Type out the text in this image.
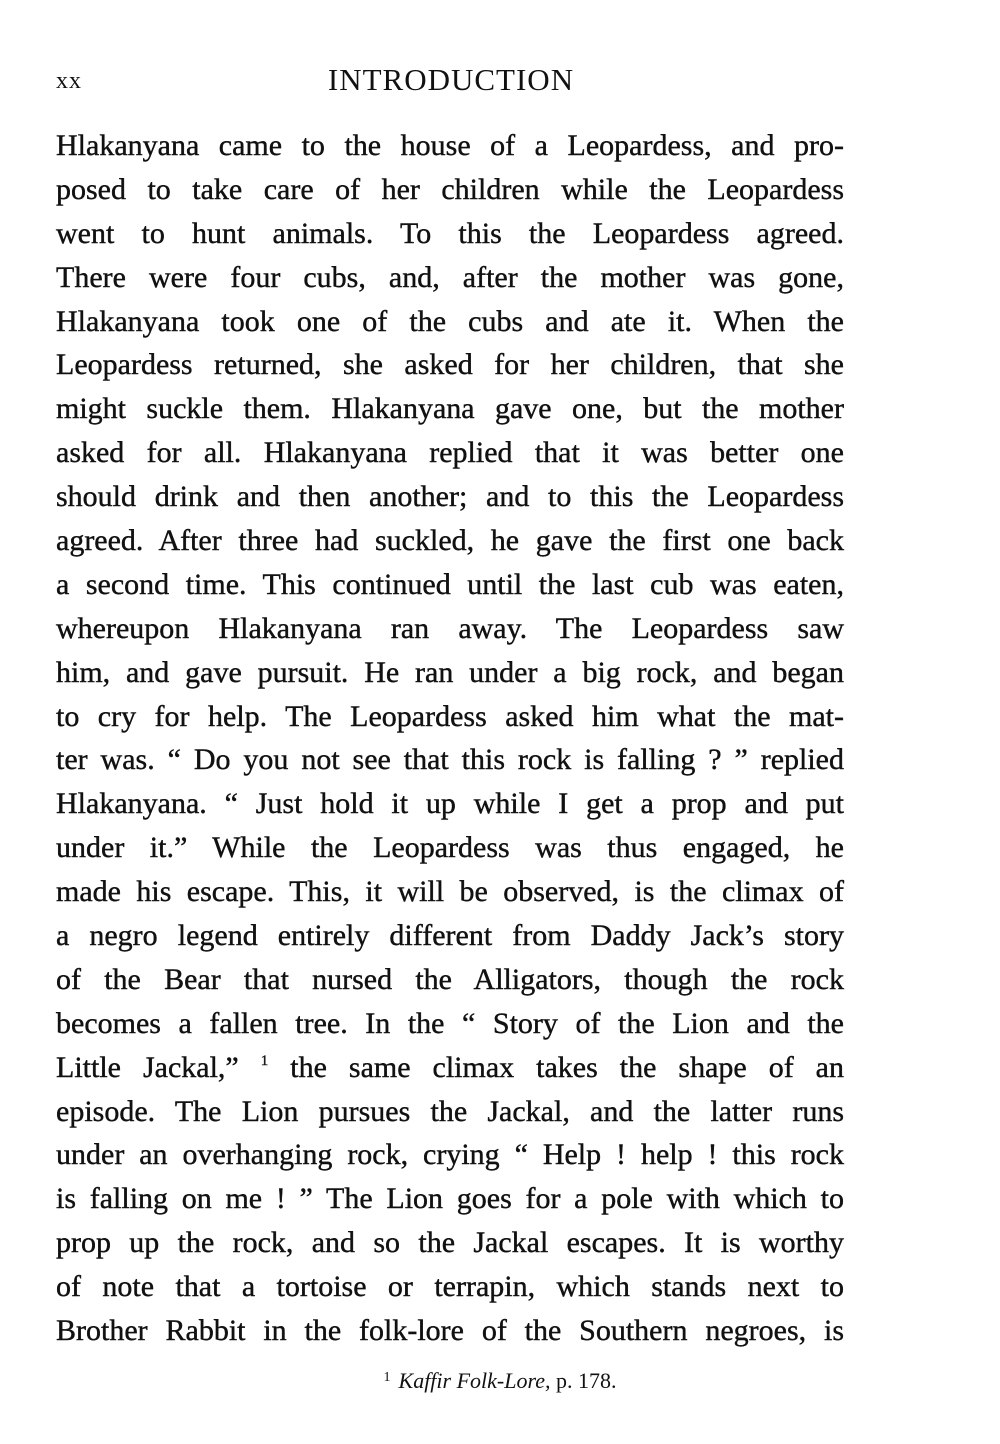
xx	INTRODUCTION
Hlakanyana came to the house of a Leopardess, and pro-
posed to take care of her children while the Leopardess
went to hunt animals. To this the Leopardess agreed.
There were four cubs, and, after the mother was gone,
Hlakanyana took one of the cubs and ate it. When the
Leopardess returned, she asked for her children, that she
might suckle them. Hlakanyana gave one, but the mother
asked for all. Hlakanyana replied that it was better one
should drink and then another; and to this the Leopardess
agreed. After three had suckled, he gave the first one back
a second time. This continued until the last cub was eaten,
whereupon Hlakanyana ran away. The Leopardess saw
him, and gave pursuit. He ran under a big rock, and began
to cry for help. The Leopardess asked him what the mat-
ter was. “ Do you not see that this rock is falling ? ” replied
Hlakanyana. “ Just hold it up while I get a prop and put
under it.” While the Leopardess was thus engaged, he
made his escape. This, it will be observed, is the climax of
a negro legend entirely different from Daddy Jack’s story
of the Bear that nursed the Alligators, though the rock
becomes a fallen tree. In the “ Story of the Lion and the
Little Jackal,” $^1$ the same climax takes the shape of an
episode. The Lion pursues the Jackal, and the latter runs
under an overhanging rock, crying “ Help ! help ! this rock
is falling on me ! ” The Lion goes for a pole with which to
prop up the rock, and so the Jackal escapes. It is worthy
of note that a tortoise or terrapin, which stands next to
Brother Rabbit in the folk-lore of the Southern negroes, is
$^1$ Kaffir Folk-Lore, p. 178.
